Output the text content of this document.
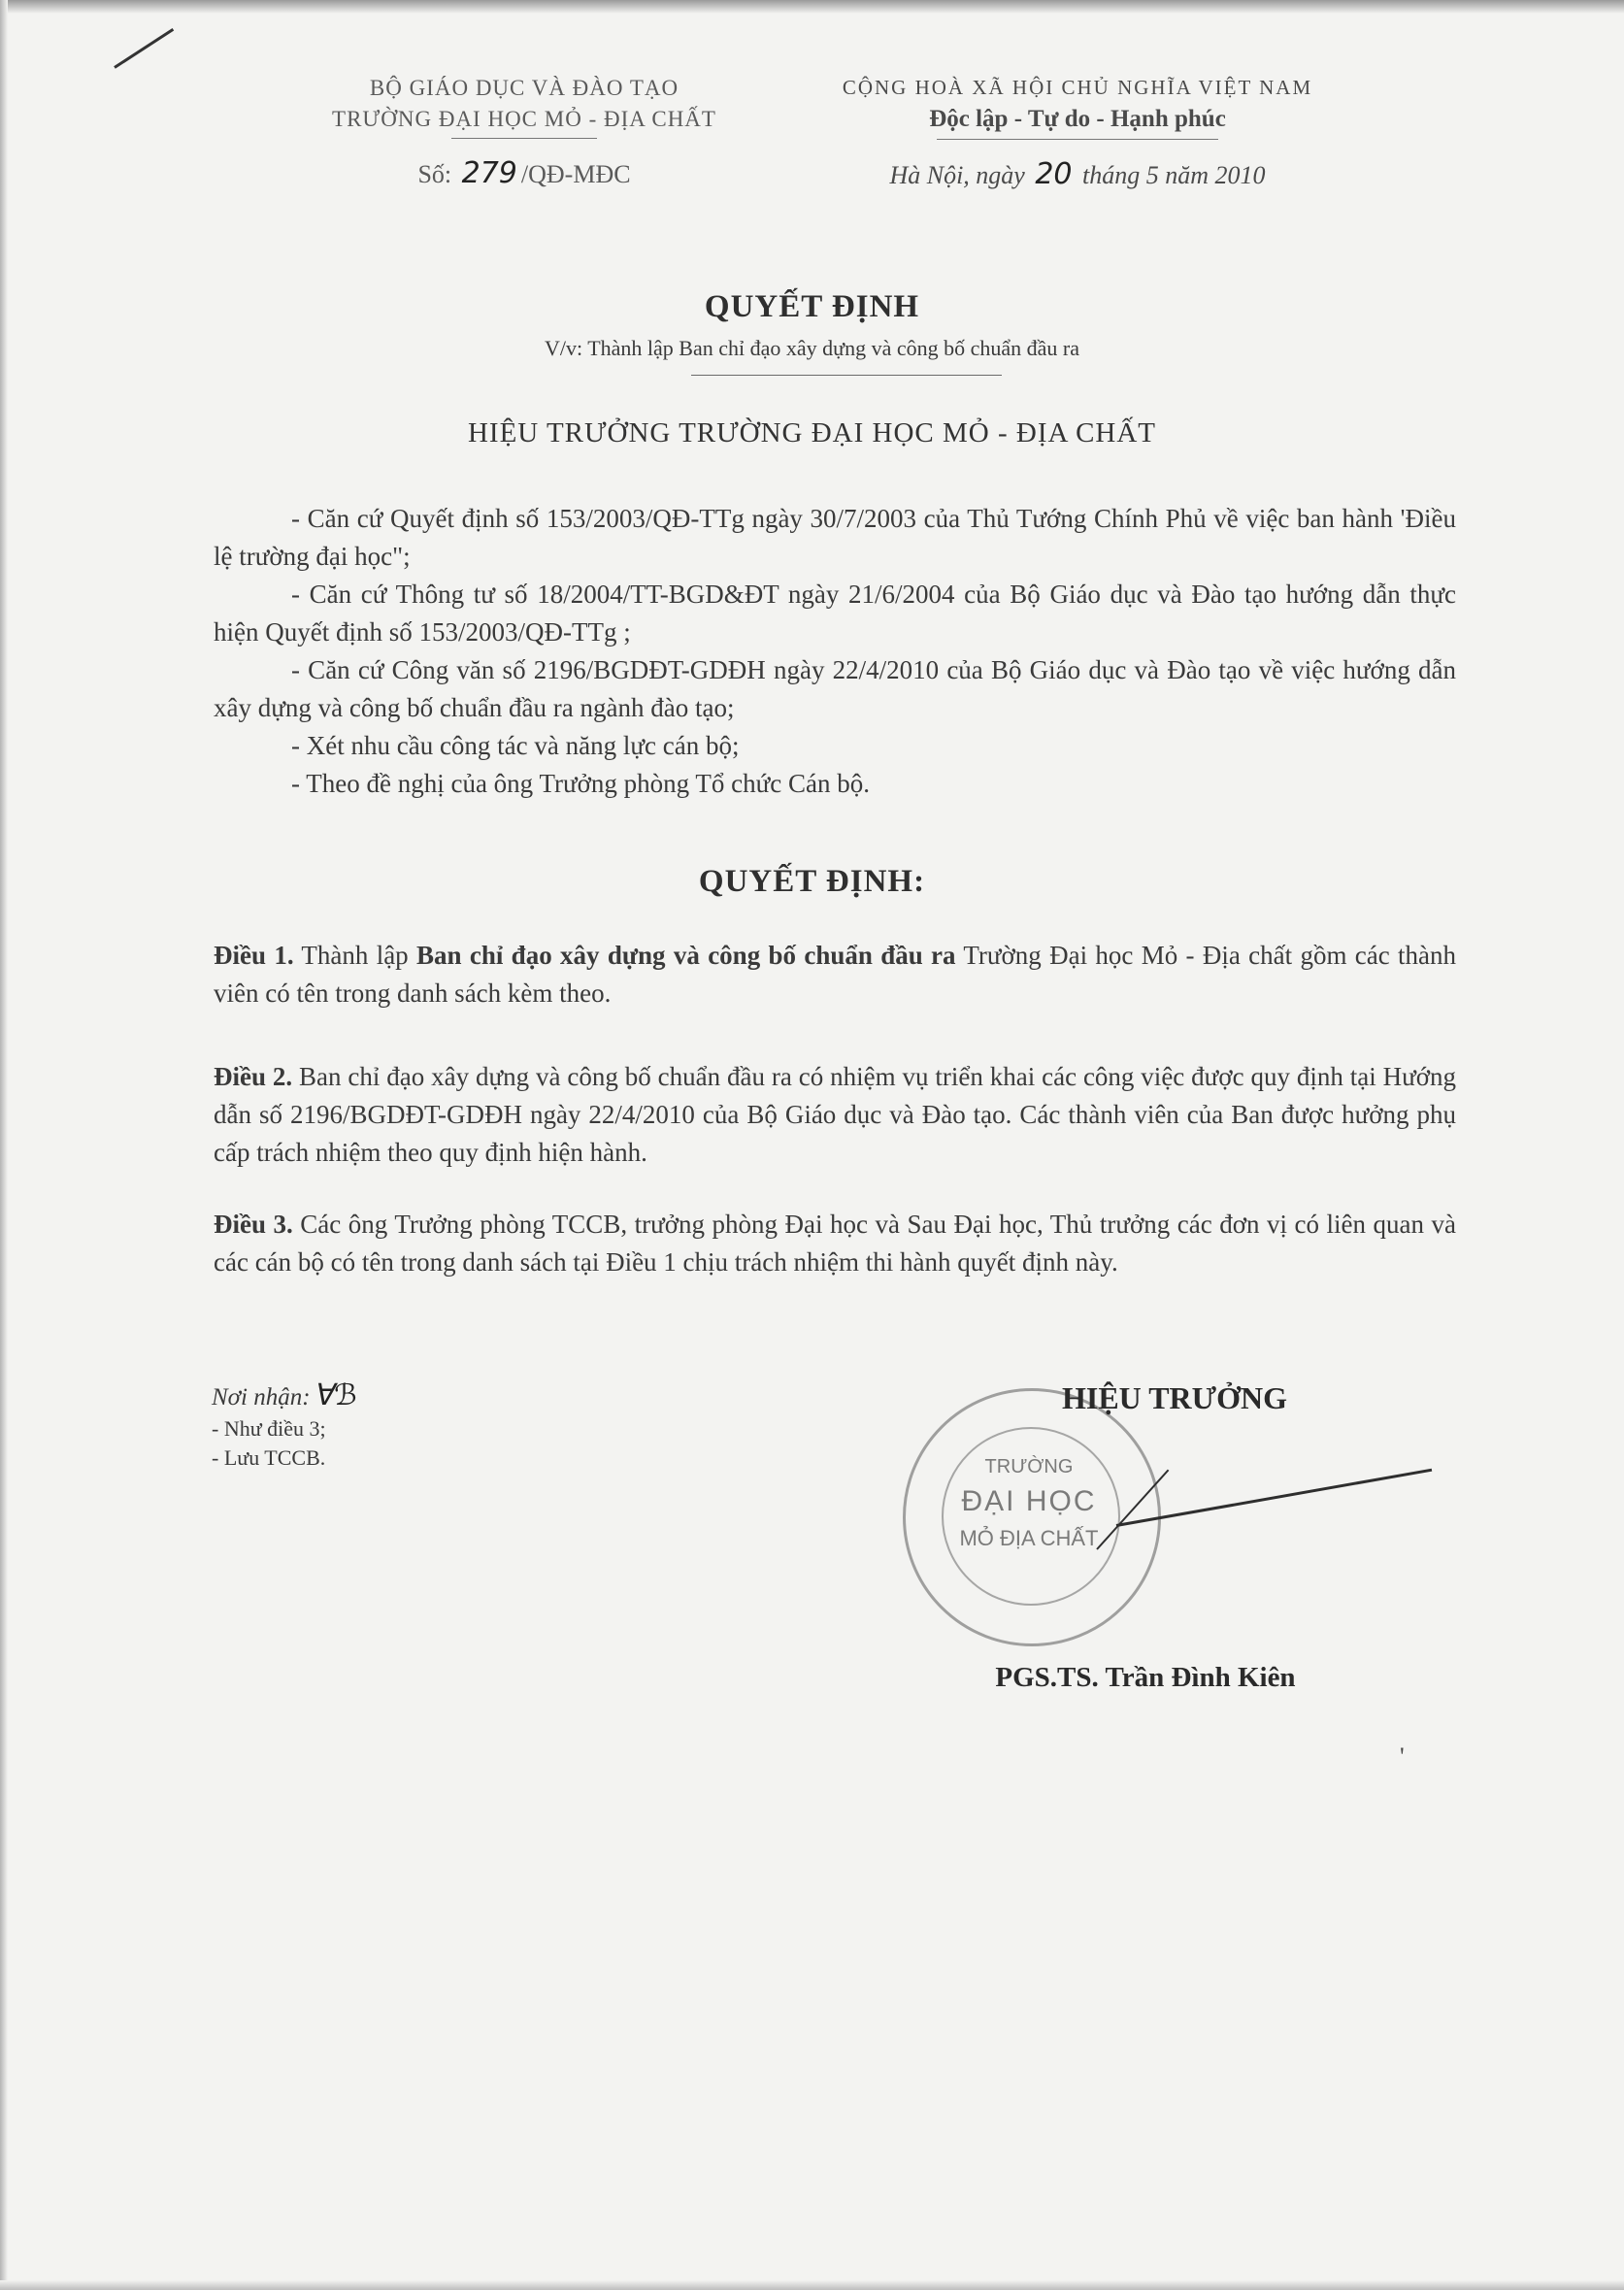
BỘ GIÁO DỤC VÀ ĐÀO TẠO
TRƯỜNG ĐẠI HỌC MỎ - ĐỊA CHẤT
Số: 279 /QĐ-MĐC
CỘNG HOÀ XÃ HỘI CHỦ NGHĨA VIỆT NAM
Độc lập - Tự do - Hạnh phúc
Hà Nội, ngày 20 tháng 5 năm 2010
QUYẾT ĐỊNH
V/v: Thành lập Ban chỉ đạo xây dựng và công bố chuẩn đầu ra
HIỆU TRƯỞNG TRƯỜNG ĐẠI HỌC MỎ - ĐỊA CHẤT

- Căn cứ Quyết định số 153/2003/QĐ-TTg ngày 30/7/2003 của Thủ Tướng Chính Phủ về việc ban hành 'Điều lệ trường đại học";

- Căn cứ Thông tư số 18/2004/TT-BGD&ĐT ngày 21/6/2004 của Bộ Giáo dục và Đào tạo hướng dẫn thực hiện Quyết định số 153/2003/QĐ-TTg ;

- Căn cứ Công văn số 2196/BGDĐT-GDĐH ngày 22/4/2010 của Bộ Giáo dục và Đào tạo về việc hướng dẫn xây dựng và công bố chuẩn đầu ra ngành đào tạo;

- Xét nhu cầu công tác và năng lực cán bộ;

- Theo đề nghị của ông Trưởng phòng Tổ chức Cán bộ.

QUYẾT ĐỊNH:

Điều 1. Thành lập Ban chỉ đạo xây dựng và công bố chuẩn đầu ra Trường Đại học Mỏ - Địa chất gồm các thành viên có tên trong danh sách kèm theo.

Điều 2. Ban chỉ đạo xây dựng và công bố chuẩn đầu ra có nhiệm vụ triển khai các công việc được quy định tại Hướng dẫn số 2196/BGDĐT-GDĐH ngày 22/4/2010 của Bộ Giáo dục và Đào tạo. Các thành viên của Ban được hưởng phụ cấp trách nhiệm theo quy định hiện hành.

Điều 3. Các ông Trưởng phòng TCCB, trưởng phòng Đại học và Sau Đại học, Thủ trưởng các đơn vị có liên quan và các cán bộ có tên trong danh sách tại Điều 1 chịu trách nhiệm thi hành quyết định này.

Nơi nhận: Ɐℬ
- Như điều 3;
- Lưu TCCB.	TRƯỜNG
ĐẠI HỌC
MỎ ĐỊA CHẤT
HIỆU TRƯỞNG
PGS.TS. Trần Đình Kiên
'
